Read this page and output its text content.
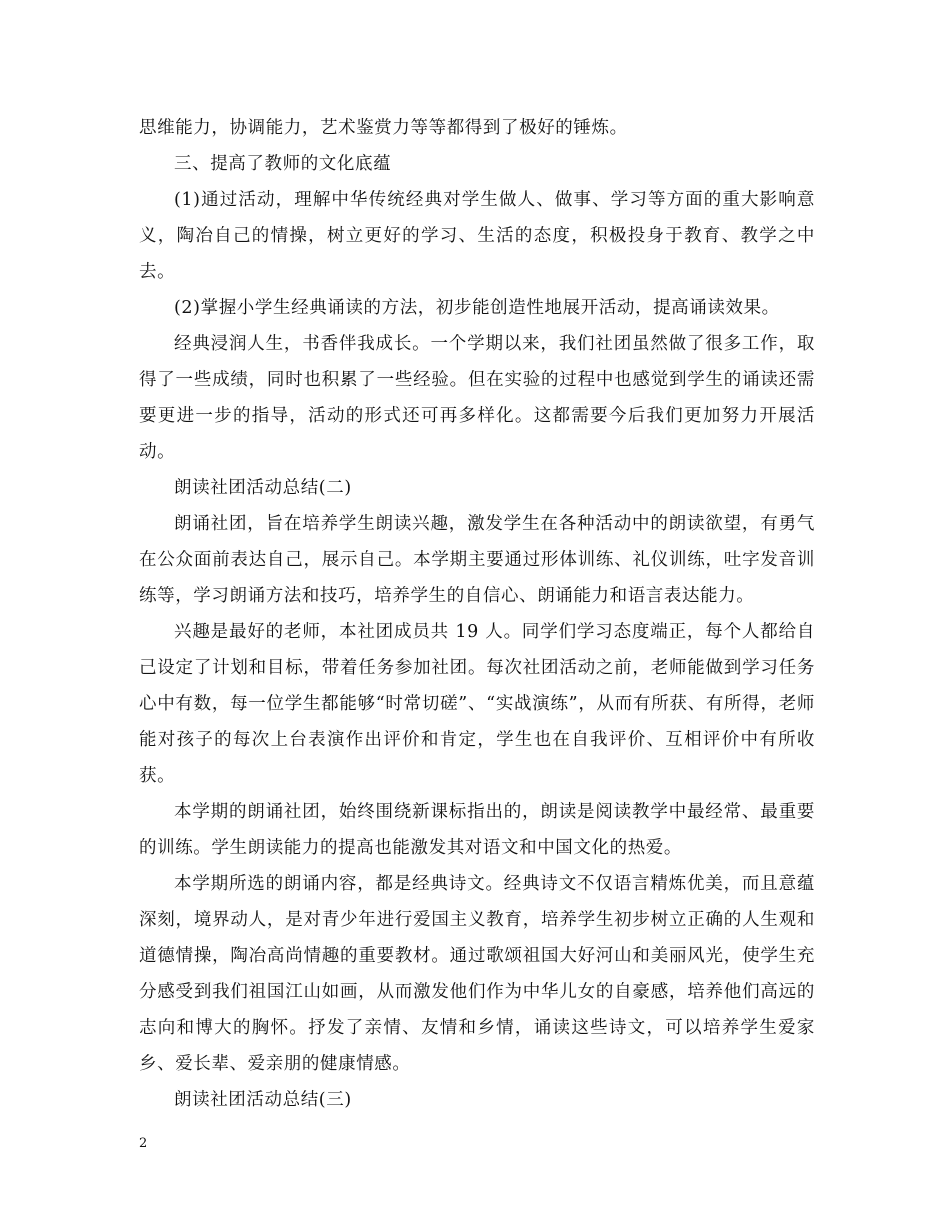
思维能力，协调能力，艺术鉴赏力等等都得到了极好的锤炼。

三、提高了教师的文化底蕴

(1)通过活动，理解中华传统经典对学生做人、做事、学习等方面的重大影响意义，陶冶自己的情操，树立更好的学习、生活的态度，积极投身于教育、教学之中去。

(2)掌握小学生经典诵读的方法，初步能创造性地展开活动，提高诵读效果。

经典浸润人生，书香伴我成长。一个学期以来，我们社团虽然做了很多工作，取得了一些成绩，同时也积累了一些经验。但在实验的过程中也感觉到学生的诵读还需要更进一步的指导，活动的形式还可再多样化。这都需要今后我们更加努力开展活动。

朗读社团活动总结(二)

朗诵社团，旨在培养学生朗读兴趣，激发学生在各种活动中的朗读欲望，有勇气在公众面前表达自己，展示自己。本学期主要通过形体训练、礼仪训练，吐字发音训练等，学习朗诵方法和技巧，培养学生的自信心、朗诵能力和语言表达能力。

兴趣是最好的老师，本社团成员共 19 人。同学们学习态度端正，每个人都给自己设定了计划和目标，带着任务参加社团。每次社团活动之前，老师能做到学习任务心中有数，每一位学生都能够“时常切磋”、“实战演练”，从而有所获、有所得，老师能对孩子的每次上台表演作出评价和肯定，学生也在自我评价、互相评价中有所收获。

本学期的朗诵社团，始终围绕新课标指出的，朗读是阅读教学中最经常、最重要的训练。学生朗读能力的提高也能激发其对语文和中国文化的热爱。

本学期所选的朗诵内容，都是经典诗文。经典诗文不仅语言精炼优美，而且意蕴深刻，境界动人，是对青少年进行爱国主义教育，培养学生初步树立正确的人生观和道德情操，陶冶高尚情趣的重要教材。通过歌颂祖国大好河山和美丽风光，使学生充分感受到我们祖国江山如画，从而激发他们作为中华儿女的自豪感，培养他们高远的志向和博大的胸怀。抒发了亲情、友情和乡情，诵读这些诗文，可以培养学生爱家乡、爱长辈、爱亲朋的健康情感。

朗读社团活动总结(三)

2
